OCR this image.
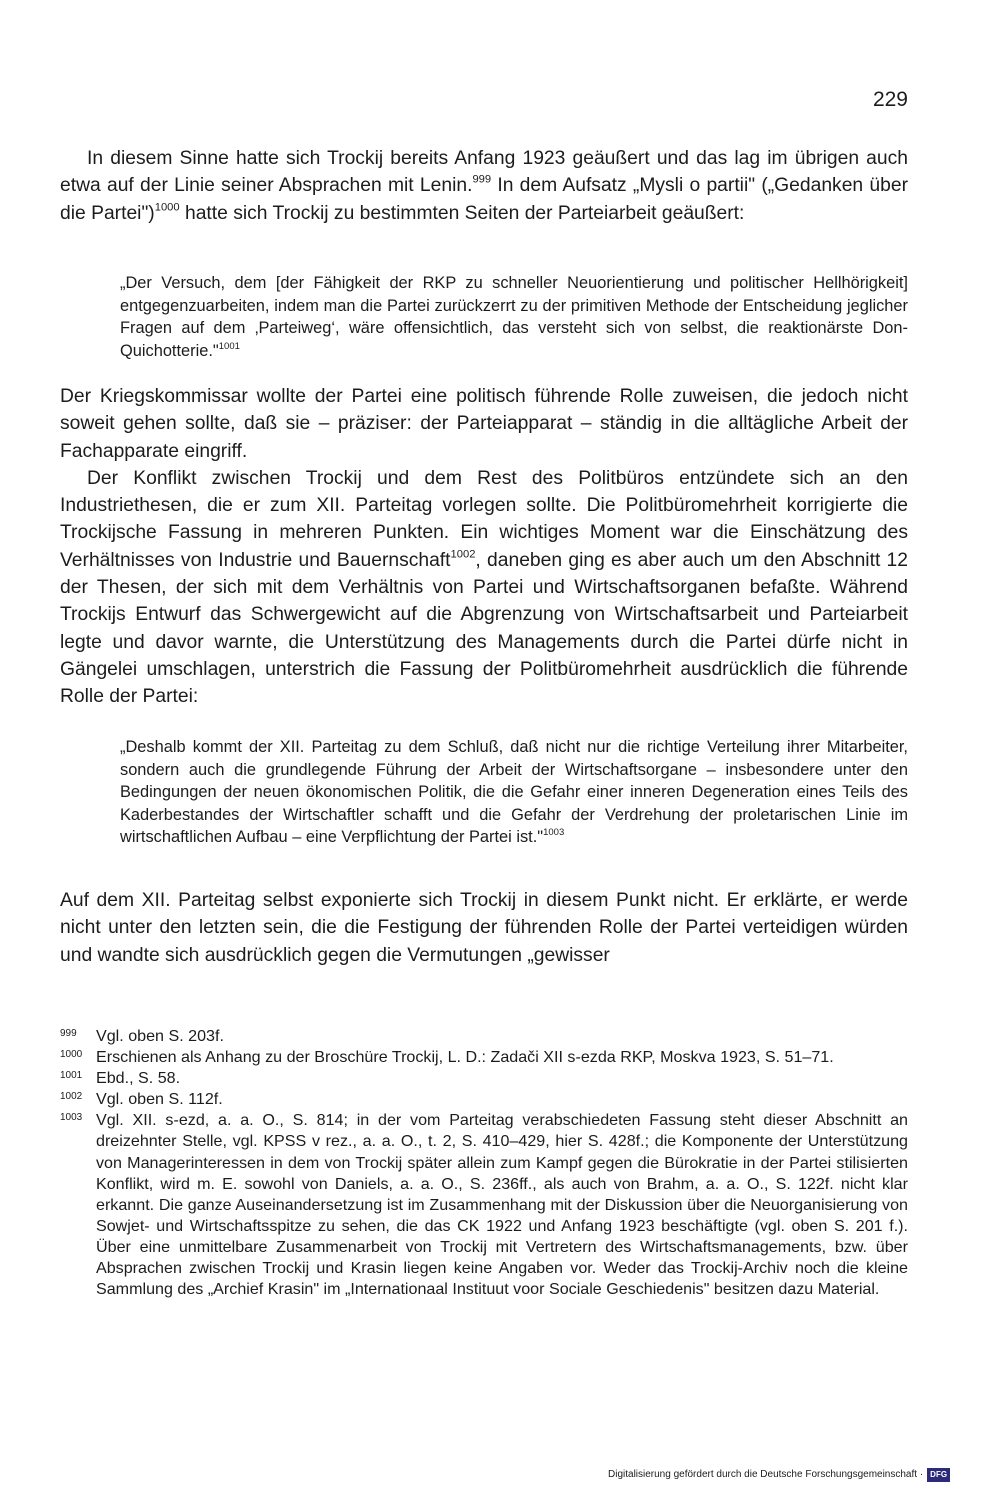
229

In diesem Sinne hatte sich Trockij bereits Anfang 1923 geäußert und das lag im übrigen auch etwa auf der Linie seiner Absprachen mit Lenin.$^{999}$ In dem Aufsatz „Mysli o partii" („Gedanken über die Partei")$^{1000}$ hatte sich Trockij zu bestimmten Seiten der Parteiarbeit geäußert:

„Der Versuch, dem [der Fähigkeit der RKP zu schneller Neuorientierung und politischer Hellhörigkeit] entgegenzuarbeiten, indem man die Partei zurückzerrt zu der primitiven Methode der Entscheidung jeglicher Fragen auf dem ‚Parteiweg‘, wäre offensichtlich, das versteht sich von selbst, die reaktionärste Don-Quichotterie."$^{1001}$

Der Kriegskommissar wollte der Partei eine politisch führende Rolle zuweisen, die jedoch nicht soweit gehen sollte, daß sie – präziser: der Parteiapparat – ständig in die alltägliche Arbeit der Fachapparate eingriff.

Der Konflikt zwischen Trockij und dem Rest des Politbüros entzündete sich an den Industriethesen, die er zum XII. Parteitag vorlegen sollte. Die Politbüromehrheit korrigierte die Trockijsche Fassung in mehreren Punkten. Ein wichtiges Moment war die Einschätzung des Verhältnisses von Industrie und Bauernschaft$^{1002}$, daneben ging es aber auch um den Abschnitt 12 der Thesen, der sich mit dem Verhältnis von Partei und Wirtschaftsorganen befaßte. Während Trockijs Entwurf das Schwergewicht auf die Abgrenzung von Wirtschaftsarbeit und Parteiarbeit legte und davor warnte, die Unterstützung des Managements durch die Partei dürfe nicht in Gängelei umschlagen, unterstrich die Fassung der Politbüromehrheit ausdrücklich die führende Rolle der Partei:

„Deshalb kommt der XII. Parteitag zu dem Schluß, daß nicht nur die richtige Verteilung ihrer Mitarbeiter, sondern auch die grundlegende Führung der Arbeit der Wirtschaftsorgane – insbesondere unter den Bedingungen der neuen ökonomischen Politik, die die Gefahr einer inneren Degeneration eines Teils des Kaderbestandes der Wirtschaftler schafft und die Gefahr der Verdrehung der proletarischen Linie im wirtschaftlichen Aufbau – eine Verpflichtung der Partei ist."$^{1003}$

Auf dem XII. Parteitag selbst exponierte sich Trockij in diesem Punkt nicht. Er erklärte, er werde nicht unter den letzten sein, die die Festigung der führenden Rolle der Partei verteidigen würden und wandte sich ausdrücklich gegen die Vermutungen „gewisser

999	Vgl. oben S. 203f.
1000 Erschienen als Anhang zu der Broschüre Trockij, L. D.: Zadači XII s-ezda RKP, Moskva 1923, S. 51–71.
1001 Ebd., S. 58.
1002 Vgl. oben S. 112f.
1003 Vgl. XII. s-ezd, a. a. O., S. 814; in der vom Parteitag verabschiedeten Fassung steht dieser Abschnitt an dreizehnter Stelle, vgl. KPSS v rez., a. a. O., t. 2, S. 410–429, hier S. 428f.; die Komponente der Unterstützung von Managerinteressen in dem von Trockij später allein zum Kampf gegen die Bürokratie in der Partei stilisierten Konflikt, wird m. E. sowohl von Daniels, a. a. O., S. 236ff., als auch von Brahm, a. a. O., S. 122f. nicht klar erkannt. Die ganze Auseinandersetzung ist im Zusammenhang mit der Diskussion über die Neuorganisierung von Sowjet- und Wirtschaftsspitze zu sehen, die das CK 1922 und Anfang 1923 beschäftigte (vgl. oben S. 201 f.). Über eine unmittelbare Zusammenarbeit von Trockij mit Vertretern des Wirtschaftsmanagements, bzw. über Absprachen zwischen Trockij und Krasin liegen keine Angaben vor. Weder das Trockij-Archiv noch die kleine Sammlung des „Archief Krasin" im „Internationaal Instituut voor Sociale Geschiedenis" besitzen dazu Material.
Digitalisierung gefördert durch die Deutsche Forschungsgemeinschaft · DFG
